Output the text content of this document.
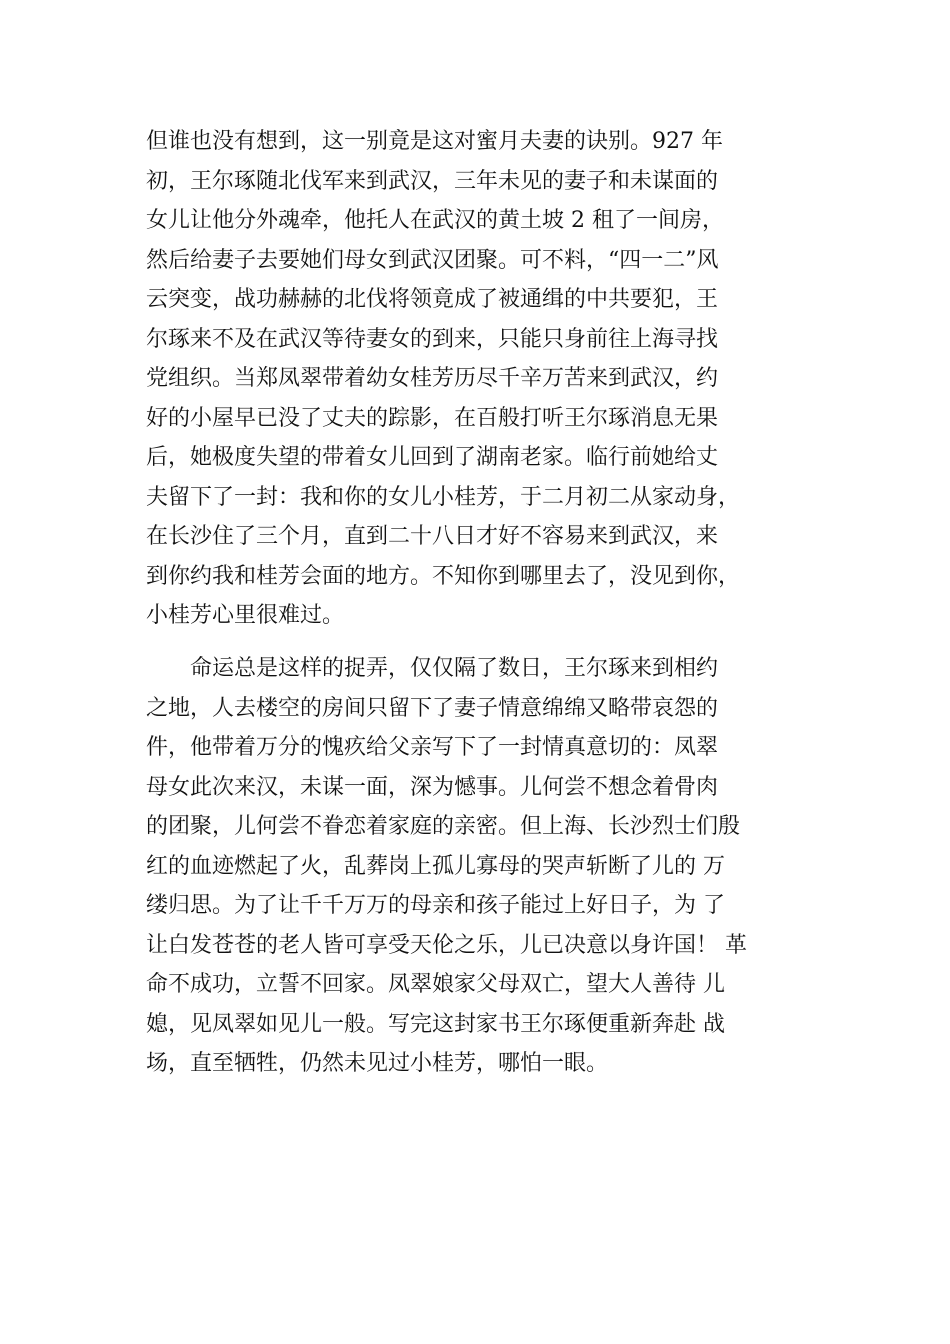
但谁也没有想到，这一别竟是这对蜜月夫妻的诀别。927 年
初，王尔琢随北伐军来到武汉，三年未见的妻子和未谋面的
女儿让他分外魂牵，他托人在武汉的黄土坡 2 租了一间房，
然后给妻子去要她们母女到武汉团聚。可不料，“四一二”风
云突变，战功赫赫的北伐将领竟成了被通缉的中共要犯，王
尔琢来不及在武汉等待妻女的到来，只能只身前往上海寻找
党组织。当郑凤翠带着幼女桂芳历尽千辛万苦来到武汉，约
好的小屋早已没了丈夫的踪影，在百般打听王尔琢消息无果
后，她极度失望的带着女儿回到了湖南老家。临行前她给丈
夫留下了一封：我和你的女儿小桂芳，于二月初二从家动身，
在长沙住了三个月，直到二十八日才好不容易来到武汉，来
到你约我和桂芳会面的地方。不知你到哪里去了，没见到你，
小桂芳心里很难过。
　　命运总是这样的捉弄，仅仅隔了数日，王尔琢来到相约
之地，人去楼空的房间只留下了妻子情意绵绵又略带哀怨的
件，他带着万分的愧疚给父亲写下了一封情真意切的：凤翠
母女此次来汉，未谋一面，深为憾事。儿何尝不想念着骨肉
的团聚，儿何尝不眷恋着家庭的亲密。但上海、长沙烈士们殷
红的血迹燃起了火，乱葬岗上孤儿寡母的哭声斩断了儿的 万
缕归思。为了让千千万万的母亲和孩子能过上好日子，为 了
让白发苍苍的老人皆可享受天伦之乐，儿已决意以身许国！ 革
命不成功，立誓不回家。凤翠娘家父母双亡，望大人善待 儿
媳，见凤翠如见儿一般。写完这封家书王尔琢便重新奔赴 战
场，直至牺牲，仍然未见过小桂芳，哪怕一眼。
